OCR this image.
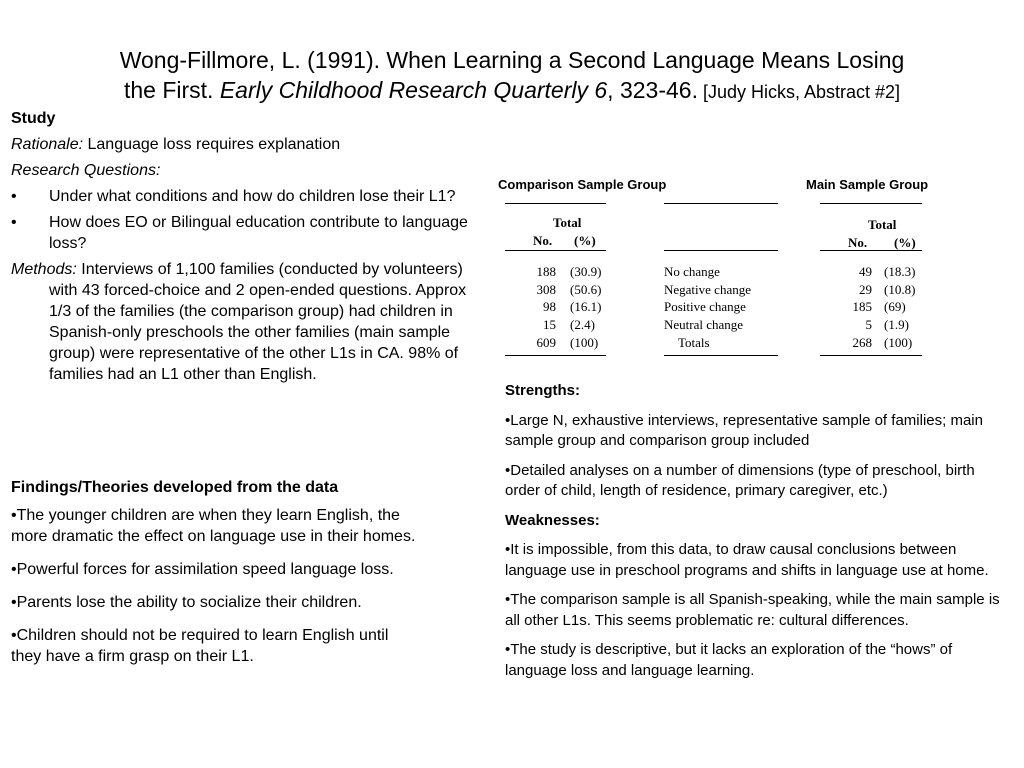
Wong-Fillmore, L. (1991). When Learning a Second Language Means Losing
the First. Early Childhood Research Quarterly 6, 323-46. [Judy Hicks, Abstract #2]

Study

Rationale: Language loss requires explanation

Research Questions:

• Under what conditions and how do children lose their L1?

• How does EO or Bilingual education contribute to language loss?

Methods: Interviews of 1,100 families (conducted by volunteers) with 43 forced-choice and 2 open-ended questions. Approx 1/3 of the families (the comparison group) had children in Spanish-only preschools the other families (main sample group) were representative of the other L1s in CA. 98% of families had an L1 other than English.

Findings/Theories developed from the data

•The younger children are when they learn English, the more dramatic the effect on language use in their homes.

•Powerful forces for assimilation speed language loss.

•Parents lose the ability to socialize their children.

•Children should not be required to learn English until they have a firm grasp on their L1.

Comparison Sample Group	Main Sample Group
Total	Total
No. (%)	No. (%)
188 (30.9)	No change	49 (18.3)
308 (50.6)	Negative change	29 (10.8)
98 (16.1)	Positive change	185 (69)
15 (2.4)	Neutral change	5 (1.9)
609 (100)	Totals	268 (100)

Strengths:

•Large N, exhaustive interviews, representative sample of families; main sample group and comparison group included

•Detailed analyses on a number of dimensions (type of preschool, birth order of child, length of residence, primary caregiver, etc.)

Weaknesses:

•It is impossible, from this data, to draw causal conclusions between language use in preschool programs and shifts in language use at home.

•The comparison sample is all Spanish-speaking, while the main sample is all other L1s. This seems problematic re: cultural differences.

•The study is descriptive, but it lacks an exploration of the “hows” of language loss and language learning.
